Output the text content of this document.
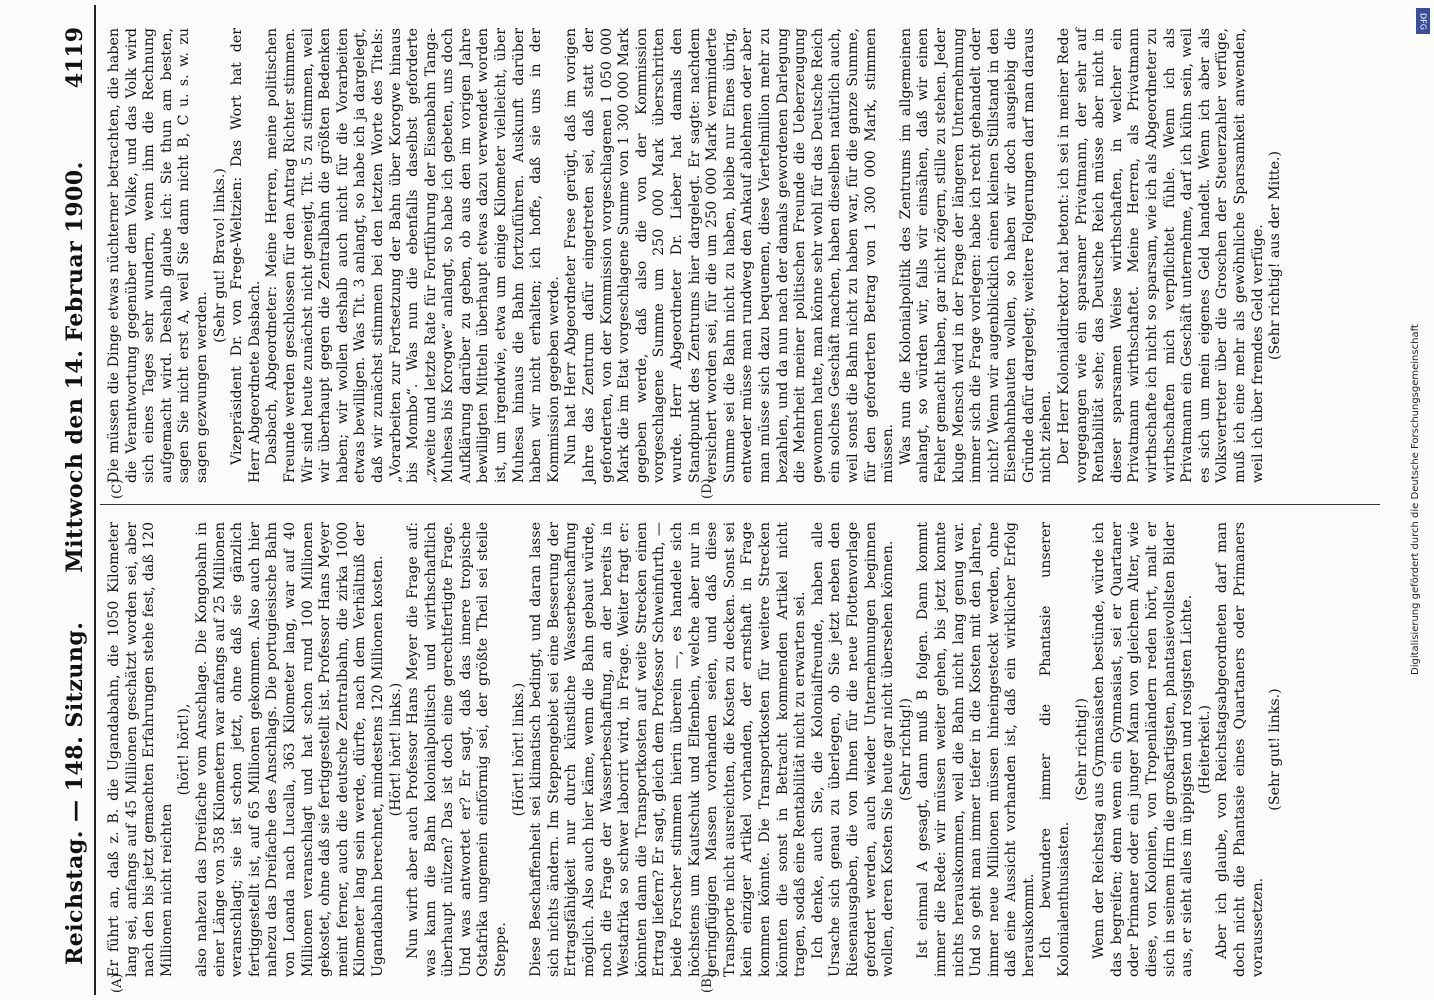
Reichstag. — 148. Sitzung.      Mittwoch den 14. Februar 1900.
4119
(A)	(B)
(C)	(D)

Er führt an, daß z. B. die Ugandabahn, die 1050 Kilometer lang sei, anfangs auf 45 Millionen geschätzt worden sei, aber nach den bis jetzt gemachten Erfahrungen stehe fest, daß 120 Millionen nicht reichten

(hört! hört!), also nahezu das Dreifache vom Anschlage. Die Kongobahn in einer Länge von 358 Kilometern war anfangs auf 25 Millionen veranschlagt; sie ist schon jetzt, ohne daß sie gänzlich fertiggestellt ist, auf 65 Millionen gekommen. Also auch hier nahezu das Dreifache des Anschlags. Die portugiesische Bahn von Loanda nach Lucalla, 363 Kilometer lang, war auf 40 Millionen veranschlagt und hat schon rund 100 Millionen gekostet, ohne daß sie fertiggestellt ist. Professor Hans Meyer meint ferner, auch die deutsche Zentralbahn, die zirka 1000 Kilometer lang sein werde, dürfte, nach dem Verhältniß der Ugandabahn berechnet, mindestens 120 Millionen kosten. (Hört! hört! links.) Nun wirft aber auch Professor Hans Meyer die Frage auf: was kann die Bahn kolonialpolitisch und wirthschaftlich überhaupt nützen? Das ist doch eine gerechtfertigte Frage. Und was antwortet er? Er sagt, daß das innere tropische Ostafrika ungemein einförmig sei, der größte Theil sei steile Steppe.

(Hört! hört! links.) Diese Beschaffenheit sei klimatisch bedingt, und daran lasse sich nichts ändern. Im Steppengebiet sei eine Besserung der Ertragsfähigkeit nur durch künstliche Wasserbeschaffung möglich. Also auch hier käme, wenn die Bahn gebaut würde, noch die Frage der Wasserbeschaffung, an der bereits in Westafrika so schwer laborirt wird, in Frage. Weiter fragt er: könnten dann die Transportkosten auf weite Strecken einen Ertrag liefern? Er sagt, gleich dem Professor Schweinfurth, — beide Forscher stimmen hierin überein —, es handele sich höchstens um Kautschuk und Elfenbein, welche aber nur in geringfügigen Massen vorhanden seien, und daß diese Transporte nicht ausreichten, die Kosten zu decken. Sonst sei kein einziger Artikel vorhanden, der ernsthaft in Frage kommen könnte. Die Transportkosten für weitere Strecken könnten die sonst in Betracht kommenden Artikel nicht tragen, sodaß eine Rentabilität nicht zu erwarten sei. Ich denke, auch Sie, die Kolonialfreunde, haben alle Ursache sich genau zu überlegen, ob Sie jetzt neben den Riesenausgaben, die von Ihnen für die neue Flottenvorlage gefordert werden, auch wieder Unternehmungen beginnen wollen, deren Kosten Sie heute gar nicht übersehen können. (Sehr richtig!) Ist einmal A gesagt, dann muß B folgen. Dann kommt immer die Rede: wir müssen weiter gehen, bis jetzt konnte nichts herauskommen, weil die Bahn nicht lang genug war. Und so geht man immer tiefer in die Kosten mit den Jahren, immer neue Millionen müssen hineingesteckt werden, ohne daß eine Aussicht vorhanden ist, daß ein wirklicher Erfolg herauskommt. Ich bewundere immer die Phantasie unserer Kolonialenthusiasten.

(Sehr richtig!) Wenn der Reichstag aus Gymnasiasten bestünde, würde ich das begreifen; denn wenn ein Gymnasiast, sei er Quartaner oder Primaner oder ein junger Mann von gleichem Alter, wie diese, von Kolonien, von Tropenländern reden hört, malt er sich in seinem Hirn die großartigsten, phantasievollsten Bilder aus, er sieht alles im üppigsten und rosigsten Lichte. (Heiterkeit.) Aber ich glaube, von Reichstagsabgeordneten darf man doch nicht die Phantasie eines Quartaners oder Primaners voraussetzen.

(Sehr gut! links.)

Die müssen die Dinge etwas nüchterner betrachten, die haben die Verantwortung gegenüber dem Volke, und das Volk wird sich eines Tages sehr wundern, wenn ihm die Rechnung aufgemacht wird. Deshalb glaube ich: Sie thun am besten, sagen Sie nicht erst A, weil Sie dann nicht B, C u. s. w. zu sagen gezwungen werden.

(Sehr gut! Bravo! links.) Vizepräsident Dr. von Frege-Weltzien: Das Wort hat der Herr Abgeordnete Dasbach. Dasbach, Abgeordneter: Meine Herren, meine politischen Freunde werden geschlossen für den Antrag Richter stimmen. Wir sind heute zunächst nicht geneigt, Tit. 5 zu stimmen, weil wir überhaupt gegen die Zentralbahn die größten Bedenken haben; wir wollen deshalb auch nicht für die Vorarbeiten etwas bewilligen. Was Tit. 3 anlangt, so habe ich ja dargelegt, daß wir zunächst stimmen bei den letzten Worte des Titels: „Vorarbeiten zur Fortsetzung der Bahn über Korogwe hinaus bis Mombo“. Was nun die ebenfalls daselbst geforderte „zweite und letzte Rate für Fortführung der Eisenbahn Tanga-Muhesa bis Korogwe“ anlangt, so habe ich gebeten, uns doch Aufklärung darüber zu geben, ob aus den im vorigen Jahre bewilligten Mitteln überhaupt etwas dazu verwendet worden ist, um irgendwie, etwa um einige Kilometer vielleicht, über Muhesa hinaus die Bahn fortzuführen. Auskunft darüber haben wir nicht erhalten; ich hoffe, daß sie uns in der Kommission gegeben werde. Nun hat Herr Abgeordneter Frese gerügt, daß im vorigen Jahre das Zentrum dafür eingetreten sei, daß statt der geforderten, von der Kommission vorgeschlagenen 1 050 000 Mark die im Etat vorgeschlagene Summe von 1 300 000 Mark gegeben werde, daß also die von der Kommission vorgeschlagene Summe um 250 000 Mark überschritten wurde. Herr Abgeordneter Dr. Lieber hat damals den Standpunkt des Zentrums hier dargelegt. Er sagte: nachdem versichert worden sei, für die um 250 000 Mark verminderte Summe sei die Bahn nicht zu haben, bleibe nur Eines übrig, entweder müsse man rundweg den Ankauf ablehnen oder aber man müsse sich dazu bequemen, diese Viertelmillion mehr zu bezahlen, und da nun nach der damals gewordenen Darlegung die Mehrheit meiner politischen Freunde die Ueberzeugung gewonnen hatte, man könne sehr wohl für das Deutsche Reich ein solches Geschäft machen, haben dieselben natürlich auch, weil sonst die Bahn nicht zu haben war, für die ganze Summe, für den geforderten Betrag von 1 300 000 Mark, stimmen müssen. Was nun die Kolonialpolitik des Zentrums im allgemeinen anlangt, so würden wir, falls wir einsähen, daß wir einen Fehler gemacht haben, gar nicht zögern, stille zu stehen. Jeder kluge Mensch wird in der Frage der längeren Unternehmung immer sich die Frage vorlegen: habe ich recht gehandelt oder nicht? Wenn wir augenblicklich einen kleinen Stillstand in den Eisenbahnbauten wollen, so haben wir doch ausgiebig die Gründe dafür dargelegt; weitere Folgerungen darf man daraus nicht ziehen. Der Herr Kolonialdirektor hat betont: ich sei in meiner Rede vorgegangen wie ein sparsamer Privatmann, der sehr auf Rentabilität sehe; das Deutsche Reich müsse aber nicht in dieser sparsamen Weise wirthschaften, in welcher ein Privatmann wirthschaftet. Meine Herren, als Privatmann wirthschafte ich nicht so sparsam, wie ich als Abgeordneter zu wirthschaften mich verpflichtet fühle. Wenn ich als Privatmann ein Geschäft unternehme, darf ich kühn sein, weil es sich um mein eigenes Geld handelt. Wenn ich aber als Volksvertreter über die Groschen der Steuerzahler verfüge, muß ich eine mehr als gewöhnliche Sparsamkeit anwenden, weil ich über fremdes Geld verfüge. (Sehr richtig! aus der Mitte.)

Digitalisierung gefördert durch die Deutsche Forschungsgemeinschaft
DFG
